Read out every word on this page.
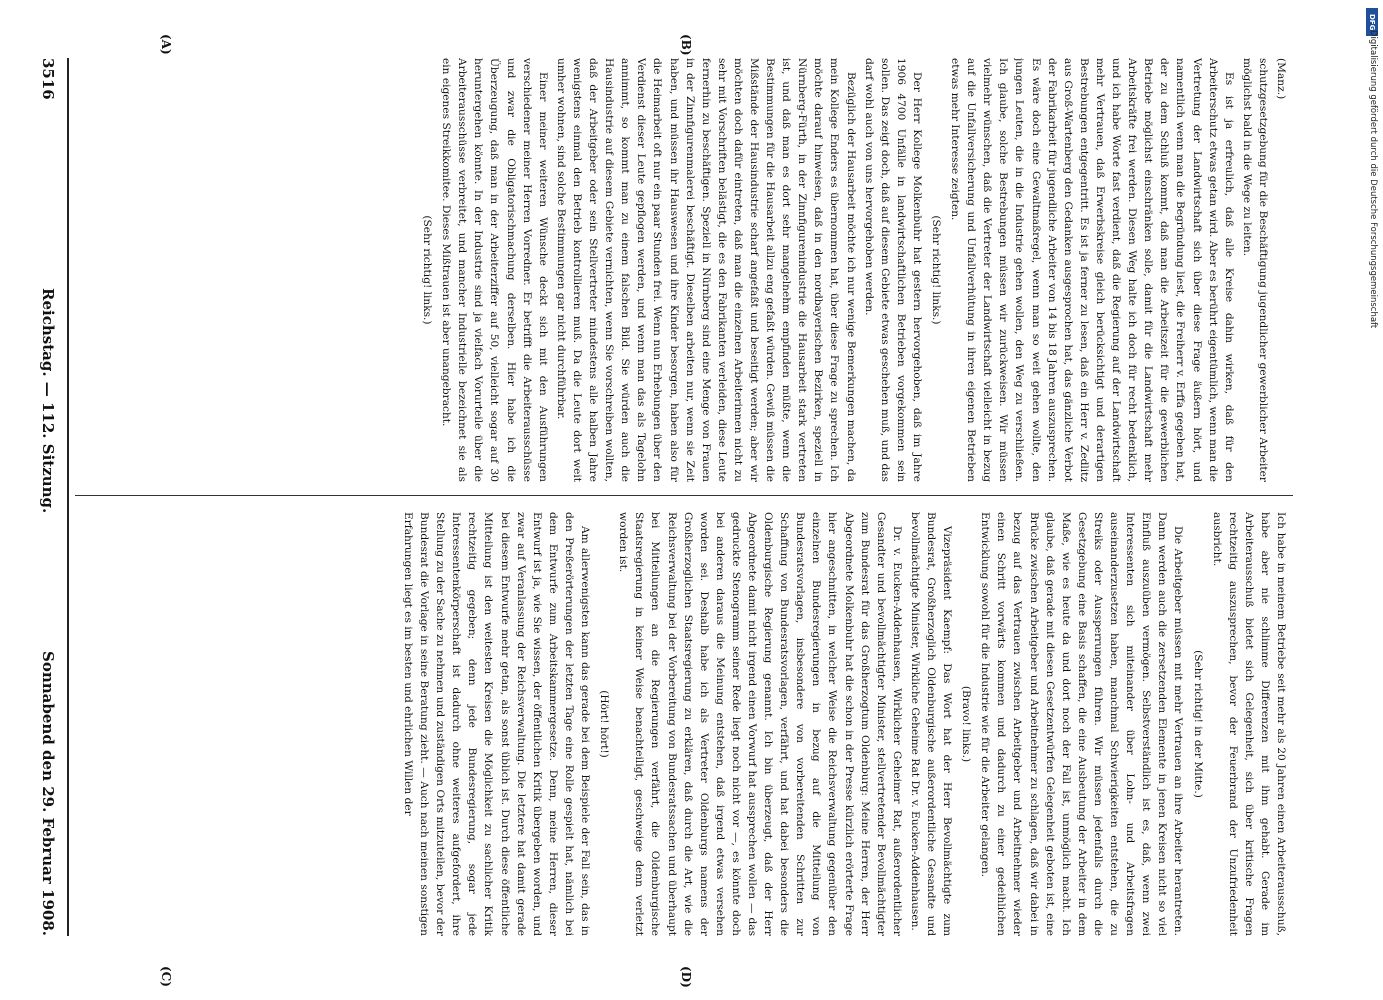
3516
Reichstag. — 112. Sitzung.
Sonnabend den 29. Februar 1908.
(A)	(B)
(C)	(D)

(Manz.)

schutzgesetzgebung für die Beschäftigung jugendlicher gewerblicher Arbeiter möglichst bald in die Wege zu leiten.

Es ist ja erfreulich, daß alle Kreise dahin wirken, daß für den Arbeiterschutz etwas getan wird. Aber es berührt eigentümlich, wenn man die Vertretung der Landwirtschaft sich über diese Frage äußern hört, und namentlich wenn man die Begründung liest, die Freiherr v. Erffa gegeben hat, der zu dem Schluß kommt, daß man die Arbeitszeit für die gewerblichen Betriebe möglichst einschränken solle, damit für die Landwirtschaft mehr Arbeitskräfte frei werden. Diesen Weg halte ich doch für recht bedenklich, und ich habe Worte fast verdient, daß die Regierung auf der Landwirtschaft mehr Vertrauen, daß Erwerbskreise gleich berücksichtigt und derartigen Bestrebungen entgegentritt. Es ist ja ferner zu lesen, daß ein Herr v. Zedlitz aus Groß-Wartenberg den Gedanken ausgesprochen hat, das gänzliche Verbot der Fabrikarbeit für jugendliche Arbeiter von 14 bis 18 Jahren auszusprechen. Es wäre doch eine Gewaltmaßregel, wenn man so weit gehen wollte, den jungen Leuten, die in die Industrie gehen wollen, den Weg zu verschließen. Ich glaube, solche Bestrebungen müssen wir zurückweisen. Wir müssen vielmehr wünschen, daß die Vertreter der Landwirtschaft vielleicht in bezug auf die Unfallversicherung und Unfallverhütung in ihren eigenen Betrieben etwas mehr Interesse zeigten.

(Sehr richtig! links.)

Der Herr Kollege Molkenbuhr hat gestern hervorgehoben, daß im Jahre 1906 4700 Unfälle in landwirtschaftlichen Betrieben vorgekommen sein sollen. Das zeigt doch, daß auf diesem Gebiete etwas geschehen muß, und das darf wohl auch von uns hervorgehoben werden.

Bezüglich der Hausarbeit möchte ich nur wenige Bemerkungen machen, da mein Kollege Enders es übernommen hat, über diese Frage zu sprechen. Ich möchte darauf hinweisen, daß in den nordbayerischen Bezirken, speziell in Nürnberg-Fürth, in der Zinnfigurenindustrie die Hausarbeit stark vertreten ist, und daß man es dort sehr mangelnehm empfinden müßte, wenn die Bestimmungen für die Hausarbeit allzu eng gefaßt würden. Gewiß müssen die Mißstände der Hausindustrie scharf angefaßt und beseitigt werden; aber wir möchten doch dafür eintreten, daß man die einzelnen Arbeiterinnen nicht zu sehr mit Vorschriften belästigt, die es den Fabrikanten verleiden, diese Leute fernerhin zu beschäftigen. Speziell in Nürnberg sind eine Menge von Frauen in der Zinnfigurenmalerei beschäftigt. Dieselben arbeiten nur, wenn sie Zeit haben, und müssen ihr Hauswesen und ihre Kinder besorgen, haben also für die Heimarbeit oft nur ein paar Stunden frei. Wenn nun Erhebungen über den Verdienst dieser Leute gepflogen werden, und wenn man das als Tagelohn annimmt, so kommt man zu einem falschen Bild. Sie würden auch die Hausindustrie auf diesem Gebiete vernichten, wenn Sie vorschreiben wollten, daß der Arbeitgeber oder sein Stellvertreter mindestens alle halben Jahre wenigstens einmal den Betrieb kontrollieren muß. Da die Leute dort weit umher wohnen, sind solche Bestimmungen gar nicht durchführbar.

Einer meiner weiteren Wünsche deckt sich mit den Ausführungen verschiedener meiner Herren Vorredner. Er betrifft die Arbeiterausschüsse und zwar die Obligatorischmachung derselben. Hier habe ich die Überzeugung, daß man in der Arbeiterziffer auf 50, vielleicht sogar auf 30 heruntergehen könnte. In der Industrie sind ja vielfach Vorurteile über die Arbeiterausschüsse verbreitet, und mancher Industrielle bezeichnet sie als ein eigenes Streikkomitee. Dieses Mißtrauen ist aber unangebracht.

(Sehr richtig! links.)

Ich habe in meinem Betriebe seit mehr als 20 Jahren einen Arbeiterausschuß, habe aber nie schlimme Differenzen mit ihm gehabt. Gerade im Arbeiterausschuß bietet sich Gelegenheit, sich über kritische Fragen rechtzeitig auszusprechen, bevor der Feuerbrand der Unzufriedenheit ausbricht.

(Sehr richtig! in der Mitte.)

Die Arbeitgeber müssen mit mehr Vertrauen an ihre Arbeiter herantreten. Dann werden auch die zersetzenden Elemente in jenen Kreisen nicht so viel Einfluß auszuüben vermögen. Selbstverständlich ist es, daß, wenn zwei Interessenten sich miteinander über Lohn- und Arbeitsfragen auseinanderzusetzen haben, manchmal Schwierigkeiten entstehen, die zu Streiks oder Aussperrungen führen. Wir müssen jedenfalls durch die Gesetzgebung eine Basis schaffen, die eine Ausbeutung der Arbeiter in dem Maße, wie es heute da und dort noch der Fall ist, unmöglich macht. Ich glaube, daß gerade mit diesen Gesetzentwürfen Gelegenheit geboten ist, eine Brücke zwischen Arbeitgeber und Arbeitnehmer zu schlagen, daß wir dabei in bezug auf das Vertrauen zwischen Arbeitgeber und Arbeitnehmer wieder einen Schritt vorwärts kommen und dadurch zu einer gedeihlichen Entwicklung sowohl für die Industrie wie für die Arbeiter gelangen.

(Bravo! links.)

Vizepräsident Kaempf: Das Wort hat der Herr Bevollmächtigte zum Bundesrat, Großherzoglich Oldenburgische außerordentliche Gesandte und bevollmächtigte Minister, Wirkliche Geheime Rat Dr. v. Eucken-Addenhausen.

Dr. v. Eucken-Addenhausen, Wirklicher Geheimer Rat, außerordentlicher Gesandter und bevollmächtigter Minister, stellvertretender Bevollmächtigter zum Bundesrat für das Großherzogtum Oldenburg: Meine Herren, der Herr Abgeordnete Molkenbuhr hat die schon in der Presse kürzlich erörterte Frage hier angeschnitten, in welcher Weise die Reichsverwaltung gegenüber den einzelnen Bundesregierungen in bezug auf die Mitteilung von Bundesratsvorlagen, insbesondere von vorbereitenden Schritten zur Schaffung von Bundesratsvorlagen, verfährt, und hat dabei besonders die Oldenburgische Regierung genannt. Ich bin überzeugt, daß der Herr Abgeordnete damit nicht irgend einen Vorwurf hat aussprechen wollen — das gedruckte Stenogramm seiner Rede liegt noch nicht vor —, es könnte doch bei anderen daraus die Meinung entstehen, daß irgend etwas versehen worden sei. Deshalb habe ich als Vertreter Oldenburgs namens der Großherzoglichen Staatsregierung zu erklären, daß durch die Art, wie die Reichsverwaltung bei der Vorbereitung von Bundesratssachen und überhaupt bei Mitteilungen an die Regierungen verfährt, die Oldenburgische Staatsregierung in keiner Weise benachteiligt, geschweige denn verletzt worden ist.

(Hört! hört!)

Am allerwenigsten kann das gerade bei dem Beispiele der Fall sein, das in den Preßerörterungen der letzten Tage eine Rolle gespielt hat, nämlich bei dem Entwurfe zum Arbeitskammergesetze. Denn, meine Herren, dieser Entwurf ist ja, wie Sie wissen, der öffentlichen Kritik übergeben worden, und zwar auf Veranlassung der Reichsverwaltung. Die letztere hat damit gerade bei diesem Entwurfe mehr getan, als sonst üblich ist. Durch diese öffentliche Mitteilung ist den weitesten Kreisen die Möglichkeit zu sachlicher Kritik rechtzeitig gegeben; denn jede Bundesregierung, sogar jede Interessentenkörperschaft ist dadurch ohne weiteres aufgefordert, ihre Stellung zu der Sache zu nehmen und zuständigen Orts mitzuteilen, bevor der Bundesrat die Vorlage in seine Beratung zieht. — Auch nach meinen sonstigen Erfahrungen liegt es im besten und ehrlichen Willen der

DFG
Digitalisierung gefördert durch die Deutsche Forschungsgemeinschaft
